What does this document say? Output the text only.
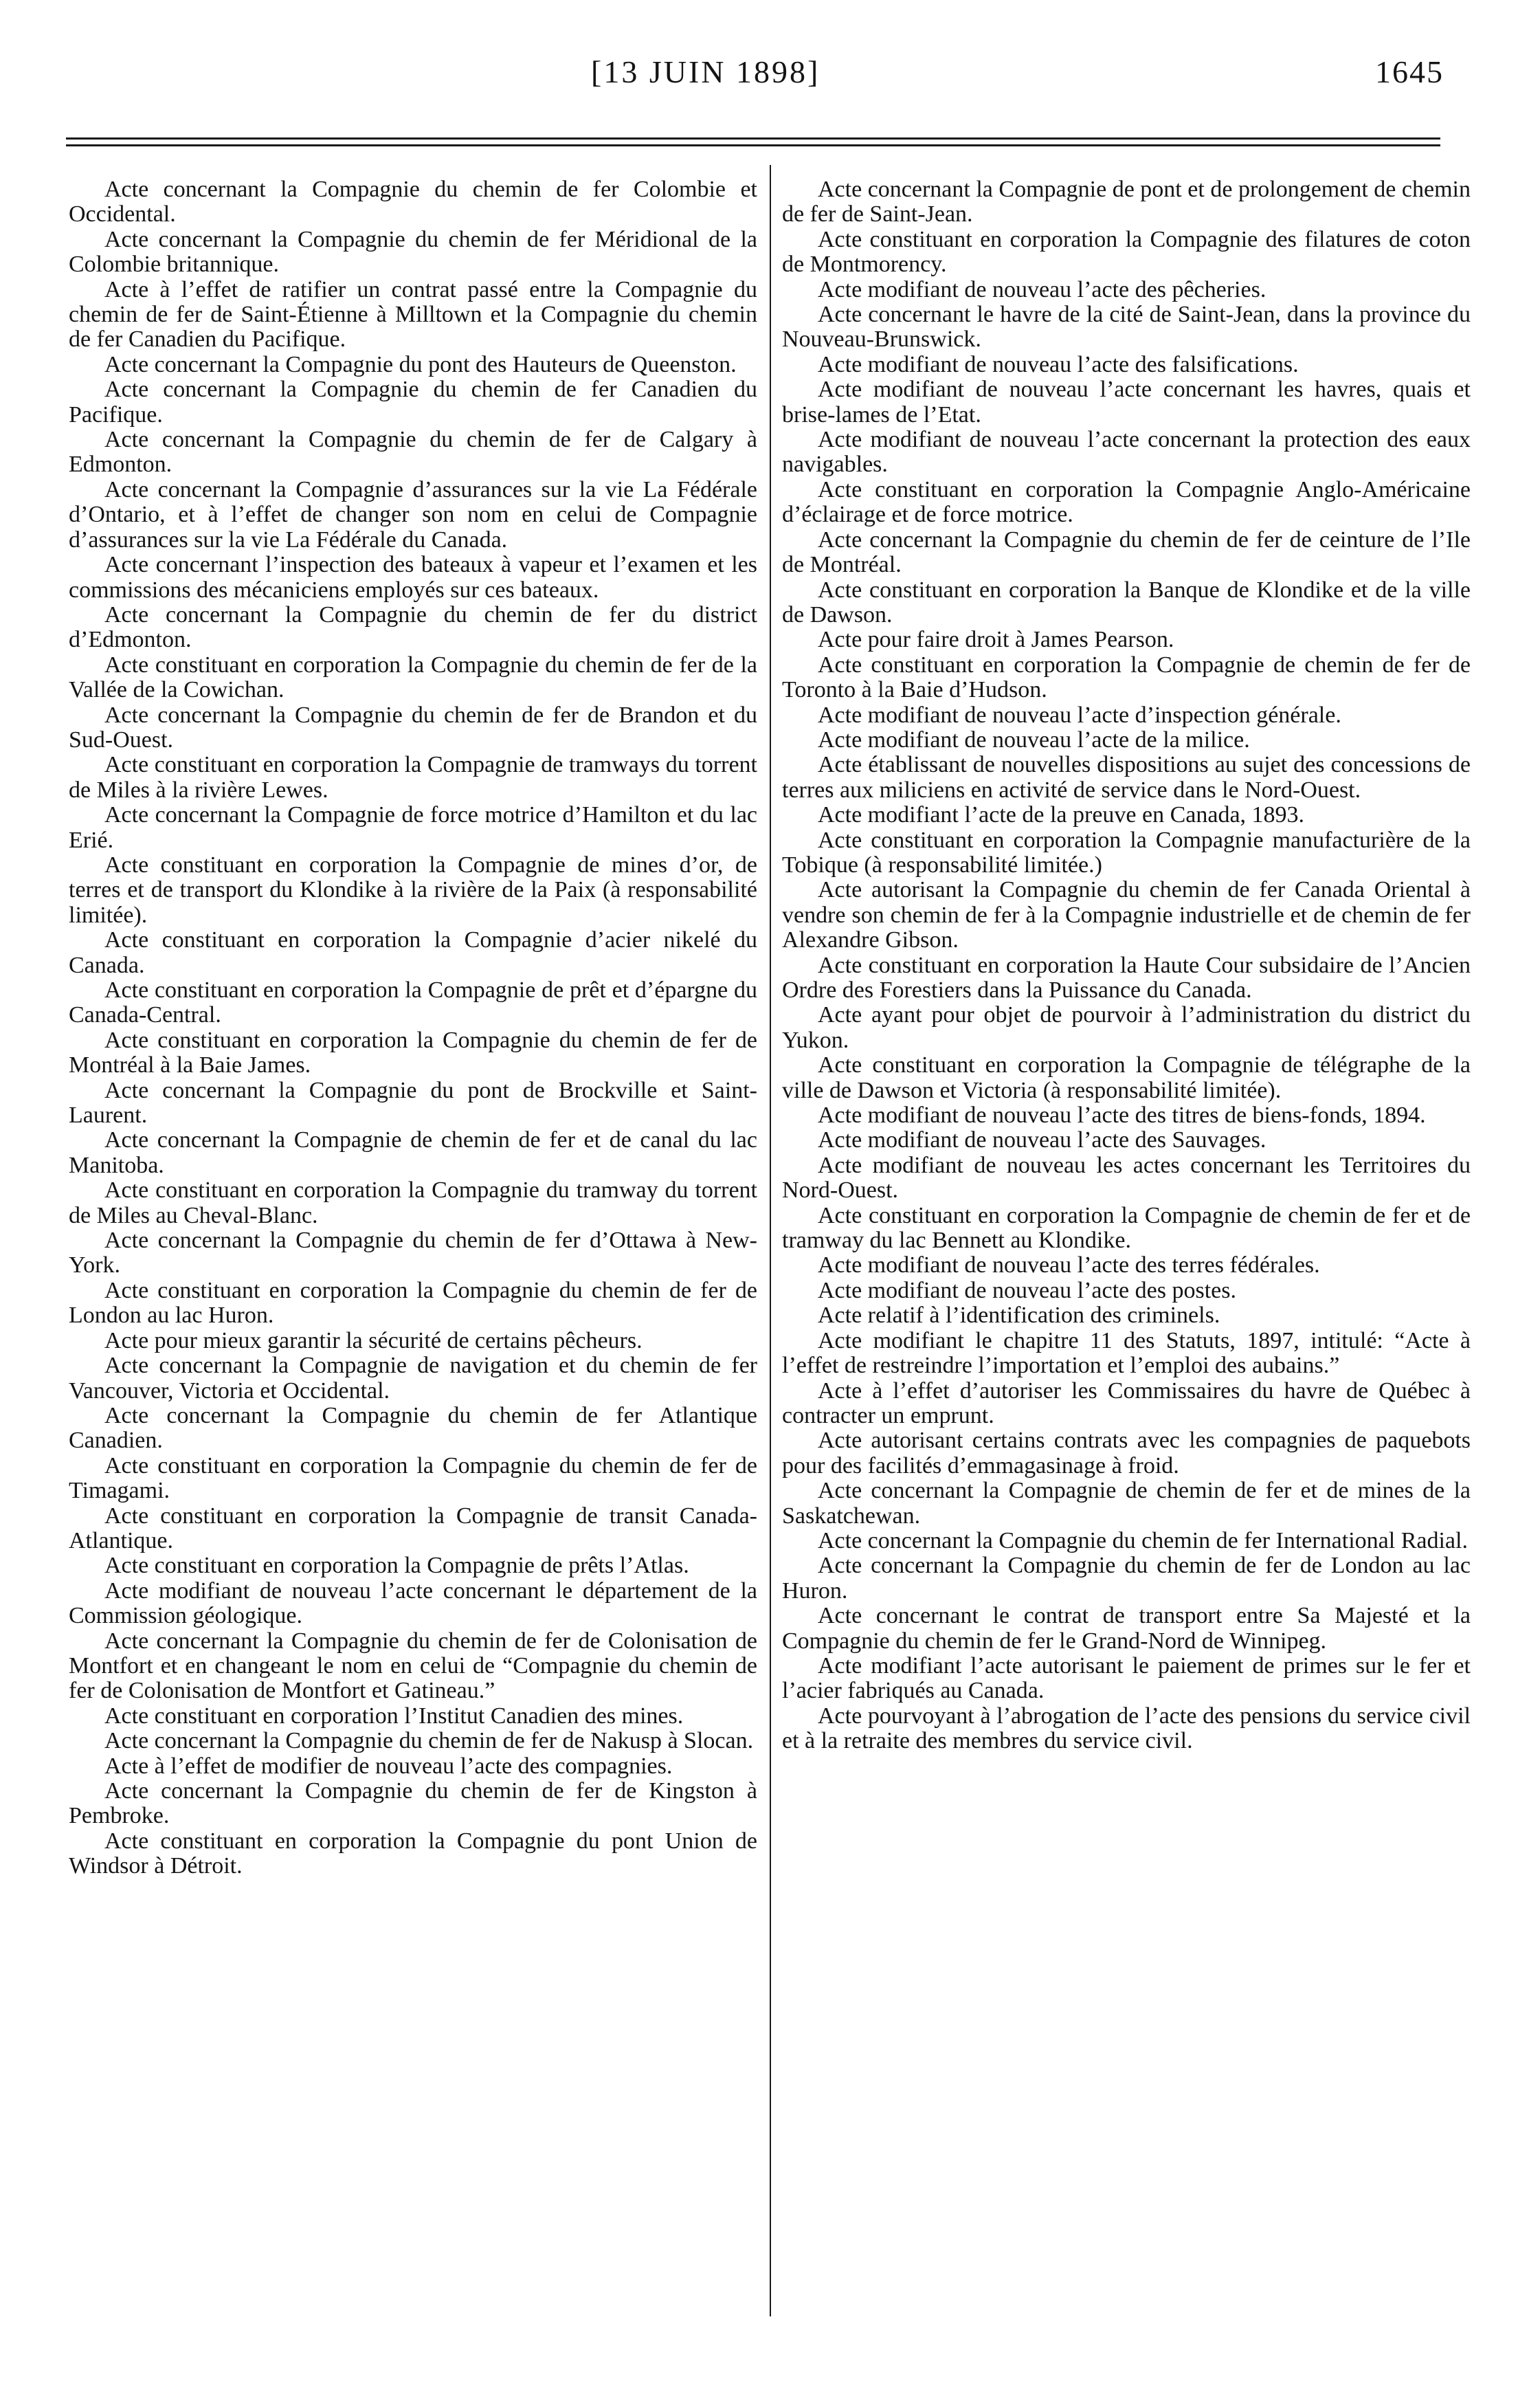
[13 JUIN 1898]	1645

Acte concernant la Compagnie du chemin de fer Colombie et Occidental.

Acte concernant la Compagnie du chemin de fer Méridional de la Colombie britannique.

Acte à l’effet de ratifier un contrat passé entre la Compagnie du chemin de fer de Saint-Étienne à Milltown et la Compagnie du chemin de fer Canadien du Pacifique.

Acte concernant la Compagnie du pont des Hauteurs de Queenston.

Acte concernant la Compagnie du chemin de fer Canadien du Pacifique.

Acte concernant la Compagnie du chemin de fer de Calgary à Edmonton.

Acte concernant la Compagnie d’assurances sur la vie La Fédérale d’Ontario, et à l’effet de changer son nom en celui de Compagnie d’assurances sur la vie La Fédérale du Canada.

Acte concernant l’inspection des bateaux à vapeur et l’examen et les commissions des mécaniciens employés sur ces bateaux.

Acte concernant la Compagnie du chemin de fer du district d’Edmonton.

Acte constituant en corporation la Compagnie du chemin de fer de la Vallée de la Cowichan.

Acte concernant la Compagnie du chemin de fer de Brandon et du Sud-Ouest.

Acte constituant en corporation la Compagnie de tramways du torrent de Miles à la rivière Lewes.

Acte concernant la Compagnie de force motrice d’Hamilton et du lac Erié.

Acte constituant en corporation la Compagnie de mines d’or, de terres et de transport du Klondike à la rivière de la Paix (à responsabilité limitée).

Acte constituant en corporation la Compagnie d’acier nikelé du Canada.

Acte constituant en corporation la Compagnie de prêt et d’épargne du Canada-Central.

Acte constituant en corporation la Compagnie du chemin de fer de Montréal à la Baie James.

Acte concernant la Compagnie du pont de Brockville et Saint-Laurent.

Acte concernant la Compagnie de chemin de fer et de canal du lac Manitoba.

Acte constituant en corporation la Compagnie du tramway du torrent de Miles au Cheval-Blanc.

Acte concernant la Compagnie du chemin de fer d’Ottawa à New-York.

Acte constituant en corporation la Compagnie du chemin de fer de London au lac Huron.

Acte pour mieux garantir la sécurité de certains pêcheurs.

Acte concernant la Compagnie de navigation et du chemin de fer Vancouver, Victoria et Occidental.

Acte concernant la Compagnie du chemin de fer Atlantique Canadien.

Acte constituant en corporation la Compagnie du chemin de fer de Timagami.

Acte constituant en corporation la Compagnie de transit Canada-Atlantique.

Acte constituant en corporation la Compagnie de prêts l’Atlas.

Acte modifiant de nouveau l’acte concernant le département de la Commission géologique.

Acte concernant la Compagnie du chemin de fer de Colonisation de Montfort et en changeant le nom en celui de “Compagnie du chemin de fer de Colonisation de Montfort et Gatineau.”

Acte constituant en corporation l’Institut Canadien des mines.

Acte concernant la Compagnie du chemin de fer de Nakusp à Slocan.

Acte à l’effet de modifier de nouveau l’acte des compagnies.

Acte concernant la Compagnie du chemin de fer de Kingston à Pembroke.

Acte constituant en corporation la Compagnie du pont Union de Windsor à Détroit.

Acte concernant la Compagnie de pont et de prolongement de chemin de fer de Saint-Jean.

Acte constituant en corporation la Compagnie des filatures de coton de Montmorency.

Acte modifiant de nouveau l’acte des pêcheries.

Acte concernant le havre de la cité de Saint-Jean, dans la province du Nouveau-Brunswick.

Acte modifiant de nouveau l’acte des falsifications.

Acte modifiant de nouveau l’acte concernant les havres, quais et brise-lames de l’Etat.

Acte modifiant de nouveau l’acte concernant la protection des eaux navigables.

Acte constituant en corporation la Compagnie Anglo-Américaine d’éclairage et de force motrice.

Acte concernant la Compagnie du chemin de fer de ceinture de l’Ile de Montréal.

Acte constituant en corporation la Banque de Klondike et de la ville de Dawson.

Acte pour faire droit à James Pearson.

Acte constituant en corporation la Compagnie de chemin de fer de Toronto à la Baie d’Hudson.

Acte modifiant de nouveau l’acte d’inspection générale.

Acte modifiant de nouveau l’acte de la milice.

Acte établissant de nouvelles dispositions au sujet des concessions de terres aux miliciens en activité de service dans le Nord-Ouest.

Acte modifiant l’acte de la preuve en Canada, 1893.

Acte constituant en corporation la Compagnie manufacturière de la Tobique (à responsabilité limitée.)

Acte autorisant la Compagnie du chemin de fer Canada Oriental à vendre son chemin de fer à la Compagnie industrielle et de chemin de fer Alexandre Gibson.

Acte constituant en corporation la Haute Cour subsidaire de l’Ancien Ordre des Forestiers dans la Puissance du Canada.

Acte ayant pour objet de pourvoir à l’administration du district du Yukon.

Acte constituant en corporation la Compagnie de télégraphe de la ville de Dawson et Victoria (à responsabilité limitée).

Acte modifiant de nouveau l’acte des titres de biens-fonds, 1894.

Acte modifiant de nouveau l’acte des Sauvages.

Acte modifiant de nouveau les actes concernant les Territoires du Nord-Ouest.

Acte constituant en corporation la Compagnie de chemin de fer et de tramway du lac Bennett au Klondike.

Acte modifiant de nouveau l’acte des terres fédérales.

Acte modifiant de nouveau l’acte des postes.

Acte relatif à l’identification des criminels.

Acte modifiant le chapitre 11 des Statuts, 1897, intitulé: “Acte à l’effet de restreindre l’importation et l’emploi des aubains.”

Acte à l’effet d’autoriser les Commissaires du havre de Québec à contracter un emprunt.

Acte autorisant certains contrats avec les compagnies de paquebots pour des facilités d’emmagasinage à froid.

Acte concernant la Compagnie de chemin de fer et de mines de la Saskatchewan.

Acte concernant la Compagnie du chemin de fer International Radial.

Acte concernant la Compagnie du chemin de fer de London au lac Huron.

Acte concernant le contrat de transport entre Sa Majesté et la Compagnie du chemin de fer le Grand-Nord de Winnipeg.

Acte modifiant l’acte autorisant le paiement de primes sur le fer et l’acier fabriqués au Canada.

Acte pourvoyant à l’abrogation de l’acte des pensions du service civil et à la retraite des membres du service civil.
